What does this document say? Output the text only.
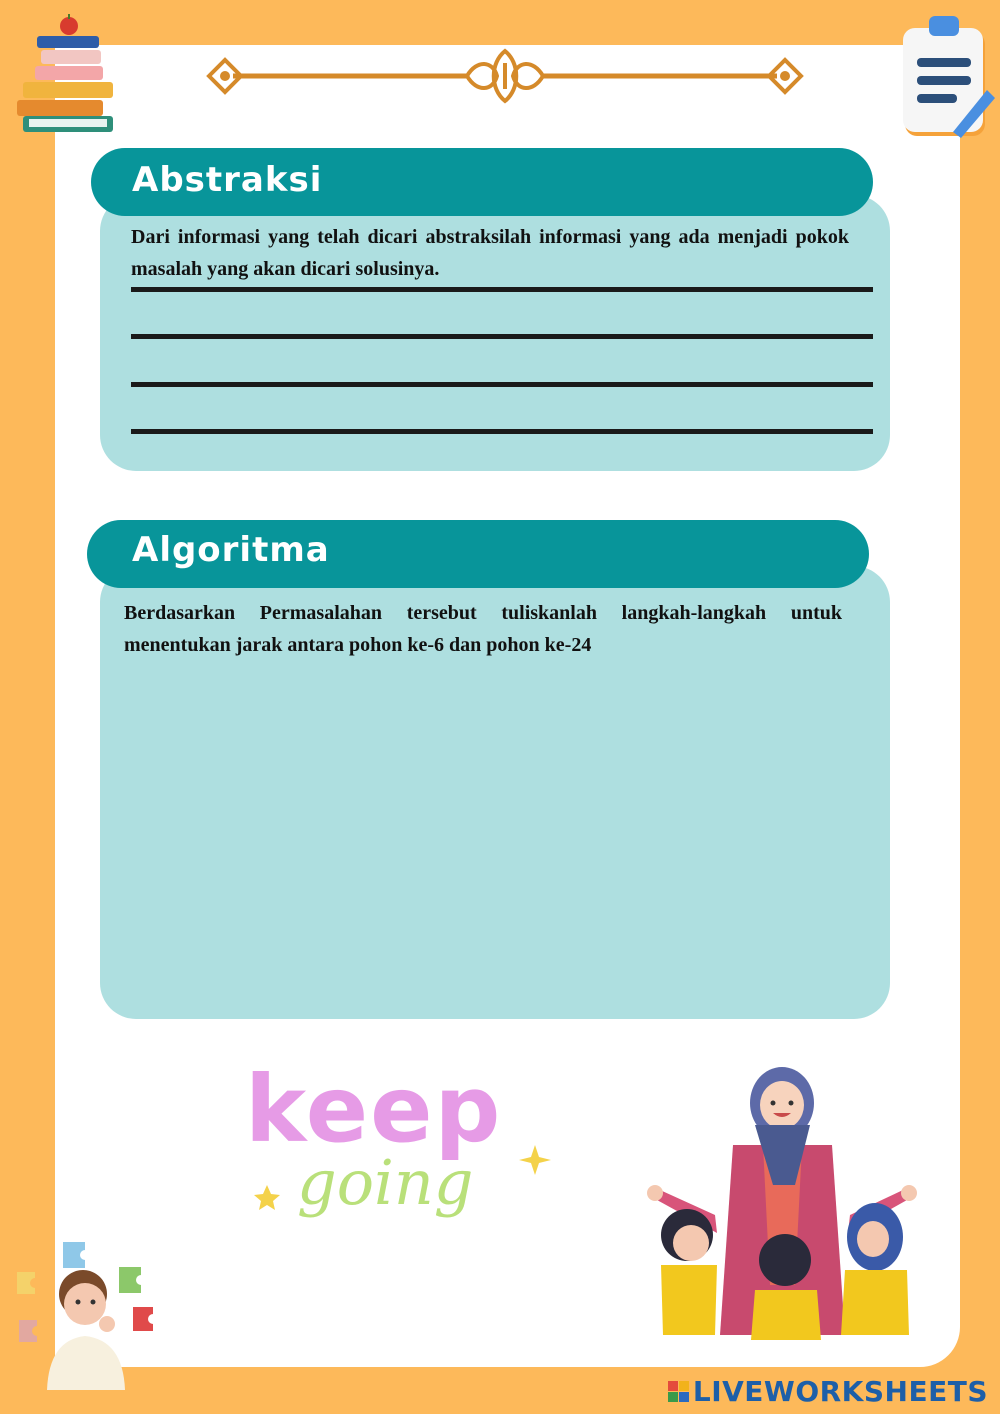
Abstraksi
Dari informasi yang telah dicari abstraksilah informasi yang ada menjadi pokok masalah yang akan dicari solusinya.
Algoritma
Berdasarkan Permasalahan tersebut tuliskanlah langkah-langkah untuk menentukan jarak antara pohon ke-6 dan pohon ke-24
keep
going
LIVEWORKSHEETS
